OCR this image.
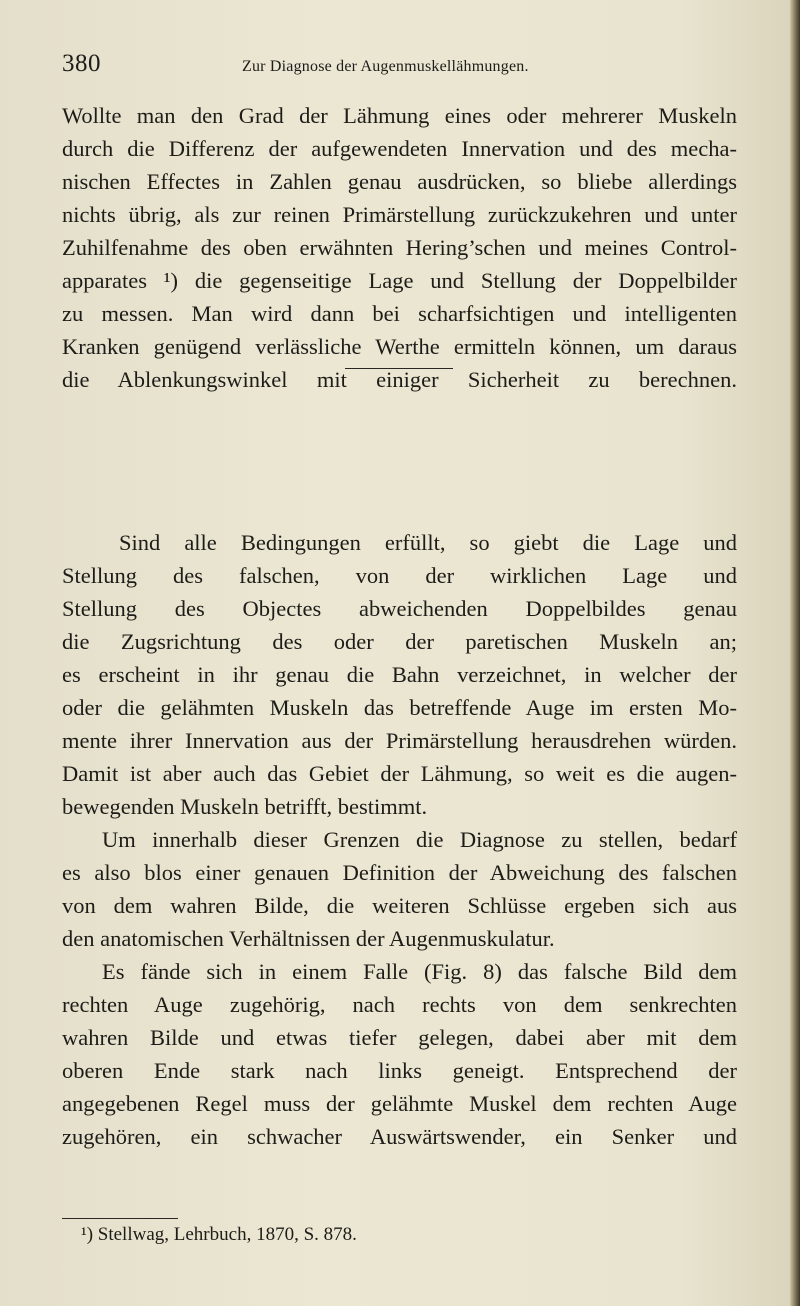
380	Zur Diagnose der Augenmuskellähmungen.
Wollte man den Grad der Lähmung eines oder mehrerer Muskeln
durch die Differenz der aufgewendeten Innervation und des mecha-
nischen Effectes in Zahlen genau ausdrücken, so bliebe allerdings
nichts übrig, als zur reinen Primärstellung zurückzukehren und unter
Zuhilfenahme des oben erwähnten Hering’schen und meines Control-
apparates ¹) die gegenseitige Lage und Stellung der Doppelbilder
zu messen. Man wird dann bei scharfsichtigen und intelligenten
Kranken genügend verlässliche Werthe ermitteln können, um daraus
die Ablenkungswinkel mit einiger Sicherheit zu berechnen.
Sind alle Bedingungen erfüllt, so giebt die Lage und
Stellung des falschen, von der wirklichen Lage und
Stellung des Objectes abweichenden Doppelbildes genau
die Zugsrichtung des oder der paretischen Muskeln an;
es erscheint in ihr genau die Bahn verzeichnet, in welcher der
oder die gelähmten Muskeln das betreffende Auge im ersten Mo-
mente ihrer Innervation aus der Primärstellung herausdrehen würden.
Damit ist aber auch das Gebiet der Lähmung, so weit es die augen-
bewegenden Muskeln betrifft, bestimmt.
Um innerhalb dieser Grenzen die Diagnose zu stellen, bedarf
es also blos einer genauen Definition der Abweichung des falschen
von dem wahren Bilde, die weiteren Schlüsse ergeben sich aus
den anatomischen Verhältnissen der Augenmuskulatur.
Es fände sich in einem Falle (Fig. 8) das falsche Bild dem
rechten Auge zugehörig, nach rechts von dem senkrechten
wahren Bilde und etwas tiefer gelegen, dabei aber mit dem
oberen Ende stark nach links geneigt. Entsprechend der
angegebenen Regel muss der gelähmte Muskel dem rechten Auge
zugehören, ein schwacher Auswärtswender, ein Senker und
¹) Stellwag, Lehrbuch, 1870, S. 878.
